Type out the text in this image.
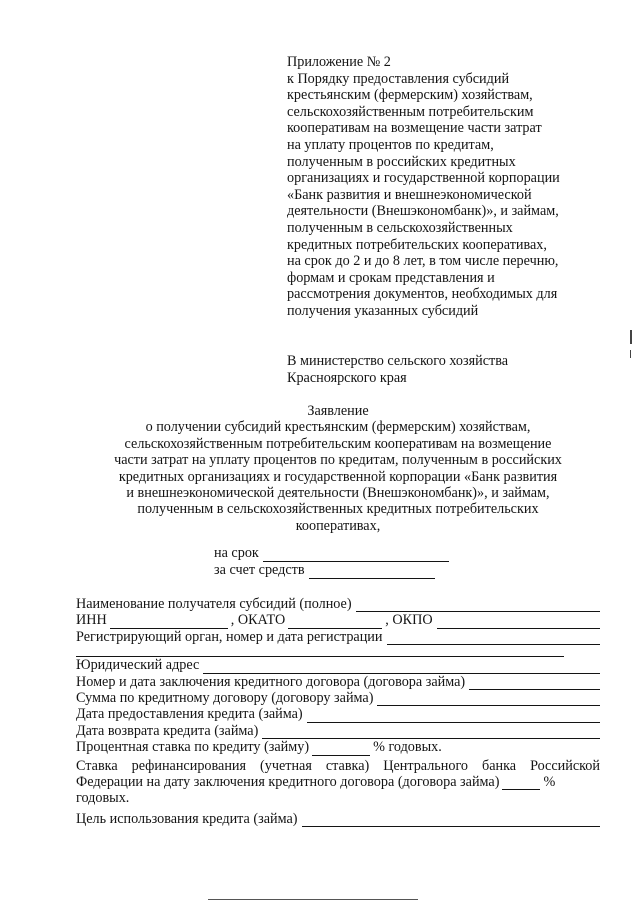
Приложение № 2
к Порядку предоставления субсидий
крестьянским (фермерским) хозяйствам,
сельскохозяйственным потребительским
кооперативам на возмещение части затрат
на уплату процентов по кредитам,
полученным в российских кредитных
организациях и государственной корпорации
«Банк развития и внешнеэкономической
деятельности (Внешэкономбанк)», и займам,
полученным в сельскохозяйственных
кредитных потребительских кооперативах,
на срок до 2 и до 8 лет, в том числе перечню,
формам и срокам представления и
рассмотрения документов, необходимых для
получения указанных субсидий
В министерство сельского хозяйства
Красноярского края
Заявление
о получении субсидий крестьянским (фермерским) хозяйствам,
сельскохозяйственным потребительским кооперативам на возмещение
части затрат на уплату процентов по кредитам, полученным в российских
кредитных организациях и государственной корпорации «Банк развития
и внешнеэкономической деятельности (Внешэкономбанк)», и займам,
полученным в сельскохозяйственных кредитных потребительских
кооперативах,
на срок
за счет средств
Наименование получателя субсидий (полное)
ИНН	, ОКАТО	, ОКПО
Регистрирующий орган, номер и дата регистрации
Юридический адрес
Номер и дата заключения кредитного договора (договора займа)
Сумма по кредитному договору (договору займа)
Дата предоставления кредита (займа)
Дата возврата кредита (займа)
Процентная ставка по кредиту (займу)	% годовых.
Ставка рефинансирования (учетная ставка) Центрального банка Российской
Федерации на дату заключения кредитного договора (договора займа)	%
годовых.
Цель использования кредита (займа)
